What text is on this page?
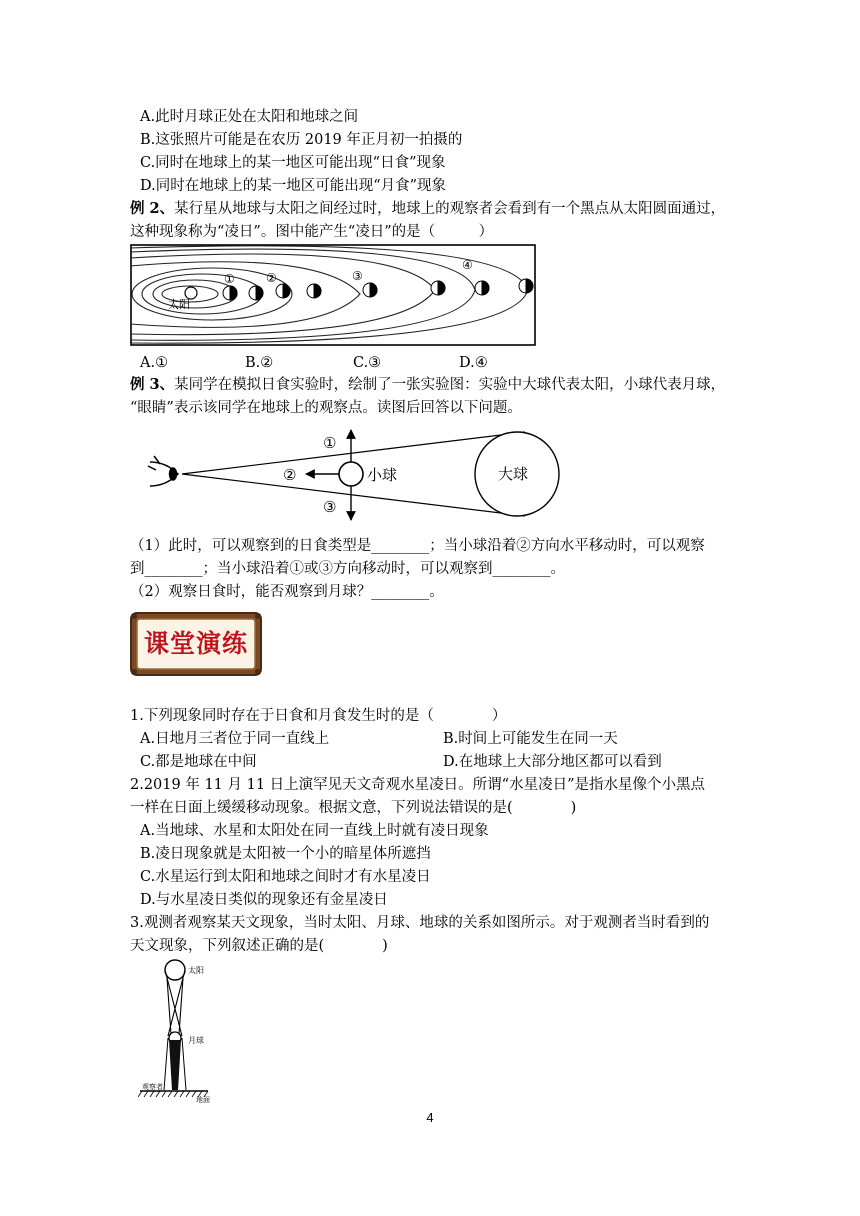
A.此时月球正处在太阳和地球之间
B.这张照片可能是在农历 2019 年正月初一拍摄的
C.同时在地球上的某一地区可能出现“日食”现象
D.同时在地球上的某一地区可能出现“月食”现象
例 2、某行星从地球与太阳之间经过时，地球上的观察者会看到有一个黑点从太阳圆面通过，
这种现象称为“凌日”。图中能产生“凌日”的是（　　　）
太阳
①	②	③
④
A.①	B.②	C.③	D.④
例 3、某同学在模拟日食实验时，绘制了一张实验图：实验中大球代表太阳，小球代表月球，
“眼睛”表示该同学在地球上的观察点。读图后回答以下问题。
大球
小球
①
②
③
（1）此时，可以观察到的日食类型是________；当小球沿着②方向水平移动时，可以观察
到________；当小球沿着①或③方向移动时，可以观察到________。
（2）观察日食时，能否观察到月球？________。
课堂演练
1.下列现象同时存在于日食和月食发生时的是（　　　　）
A.日地月三者位于同一直线上	B.时间上可能发生在同一天
C.都是地球在中间	D.在地球上大部分地区都可以看到
2.2019 年 11 月 11 日上演罕见天文奇观水星凌日。所谓“水星凌日”是指水星像个小黑点
一样在日面上缓缓移动现象。根据文意，下列说法错误的是(　　　　)
A.当地球、水星和太阳处在同一直线上时就有凌日现象
B.凌日现象就是太阳被一个小的暗星体所遮挡
C.水星运行到太阳和地球之间时才有水星凌日
D.与水星凌日类似的现象还有金星凌日
3.观测者观察某天文现象，当时太阳、月球、地球的关系如图所示。对于观测者当时看到的
天文现象，下列叙述正确的是(　　　　)
太阳
月球
观察者
地面
4
